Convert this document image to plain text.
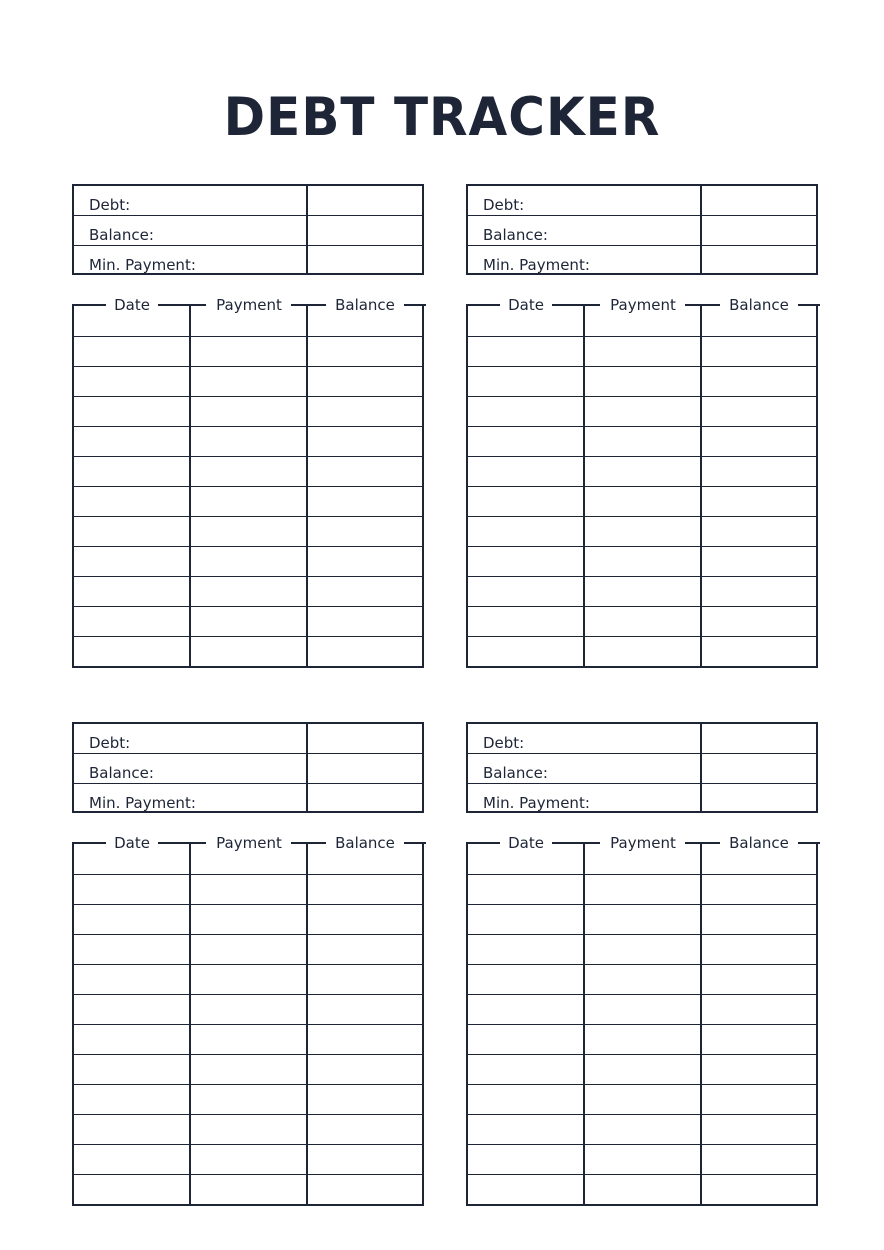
DEBT TRACKER
Debt:
Balance:
Min. Payment:
Date	Payment	Balance
Debt:
Balance:
Min. Payment:
Date	Payment	Balance
Debt:
Balance:
Min. Payment:
Date	Payment	Balance
Debt:
Balance:
Min. Payment:
Date	Payment	Balance
